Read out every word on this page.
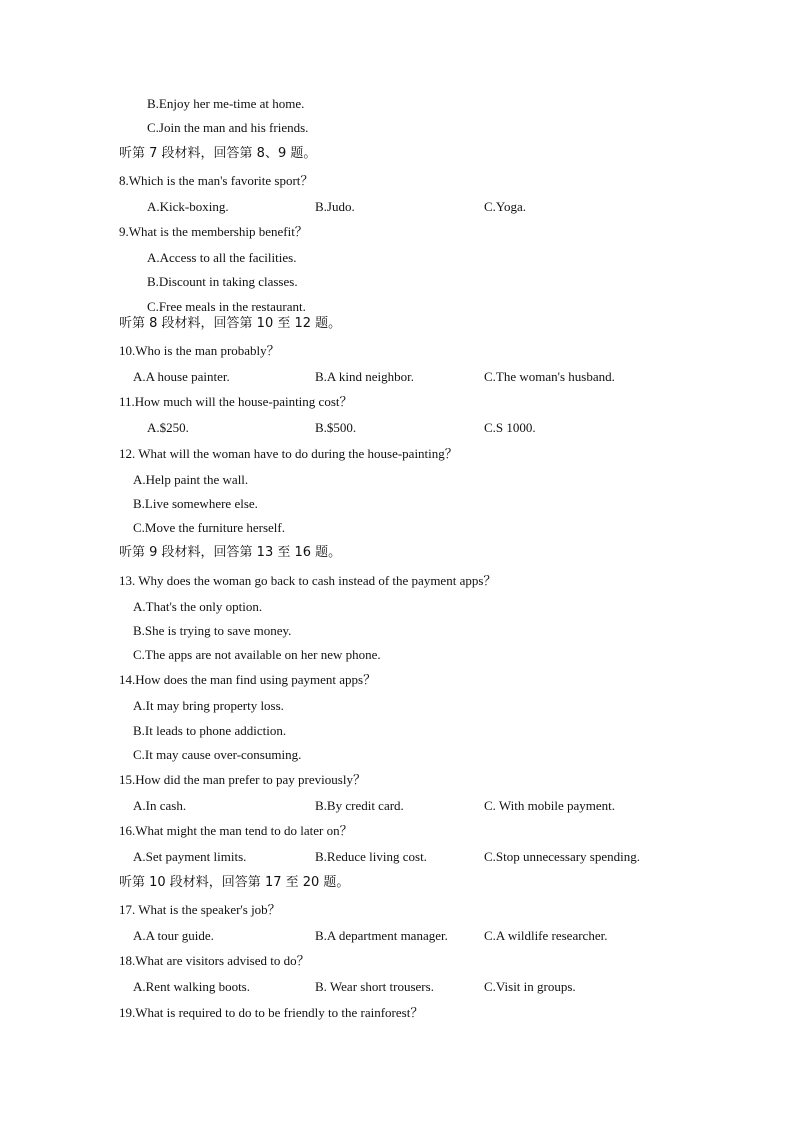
B.Enjoy her me-time at home.
C.Join the man and his friends.
听第 7 段材料，回答第 8、9 题。
8.Which is the man's favorite sport？
A.Kick-boxing.	B.Judo.	C.Yoga.
9.What is the membership benefit？
A.Access to all the facilities.
B.Discount in taking classes.
C.Free meals in the restaurant.
听第 8 段材料，回答第 10 至 12 题。
10.Who is the man probably？
A.A house painter.	B.A kind neighbor.	C.The woman's husband.
11.How much will the house-painting cost？
A.$250.	B.$500.	C.S 1000.
12. What will the woman have to do during the house-painting？
A.Help paint the wall.
B.Live somewhere else.
C.Move the furniture herself.
听第 9 段材料，回答第 13 至 16 题。
13. Why does the woman go back to cash instead of the payment apps？
A.That's the only option.
B.She is trying to save money.
C.The apps are not available on her new phone.
14.How does the man find using payment apps？
A.It may bring property loss.
B.It leads to phone addiction.
C.It may cause over-consuming.
15.How did the man prefer to pay previously？
A.In cash.	B.By credit card.	C. With mobile payment.
16.What might the man tend to do later on？
A.Set payment limits.	B.Reduce living cost.	C.Stop unnecessary spending.
听第 10 段材料，回答第 17 至 20 题。
17. What is the speaker's job？
A.A tour guide.	B.A department manager.	C.A wildlife researcher.
18.What are visitors advised to do？
A.Rent walking boots.	B. Wear short trousers.	C.Visit in groups.
19.What is required to do to be friendly to the rainforest？
